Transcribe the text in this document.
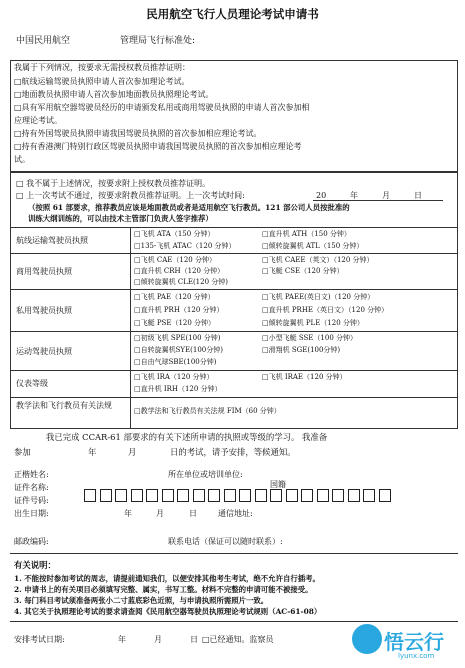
民用航空飞行人员理论考试申请书
中国民用航空	管理局飞行标准处:
我属于下列情况，按要求无需授权教员推荐证明：
□航线运输驾驶员执照申请人首次参加理论考试。
□地面教员执照申请人首次参加地面教员执照理论考试。
□具有军用航空器驾驶员经历的申请颁发私用或商用驾驶员执照的申请人首次参加相
应理论考试。
□持有外国驾驶员执照申请我国驾驶员执照的首次参加相应理论考试。
□持有香港澳门特别行政区驾驶员执照申请我国驾驶员执照的首次参加相应理论考
试。
□ 我不属于上述情况，按要求附上授权教员推荐证明。
□ 上一次考试不通过，按要求附教员推荐证明。上一次考试时间:	20	年	月	日
（按照 61 部要求，推荐教员应该是地面教员或者是适用航空飞行教员。121 部公司人员按批准的
训练大纲训练的，可以由技术主管部门负责人签字推荐）
航线运输驾驶员执照
□飞机 ATA（150 分钟）	□直升机 ATH（150 分钟）
□135-飞机 ATAC（120 分钟）	□倾转旋翼机 ATL（150 分钟）
商用驾驶员执照
□飞机 CAE（120 分钟）	□飞机 CAEE（英文）（120 分钟）
□直升机 CRH（120 分钟）	□飞艇 CSE（120 分钟）
□倾转旋翼机 CLE(120 分钟)
私用驾驶员执照
□飞机 PAE（120 分钟）	□飞机 PAEE(英日文)（120 分钟）
□直升机 PRH（120 分钟）	□直升机 PRHE（英日文）（120 分钟）
□飞艇 PSE（120 分钟）	□倾转旋翼机 PLE（120 分钟）
运动驾驶员执照
□初级飞机 SPE(100 分钟)	□小型飞艇 SSE（100 分钟）
□自转旋翼机SYE(100分钟)	□滑翔机 SGE(100分钟)
□自由气球SBE(100分钟)
仪表等级
□飞机 IRA（120 分钟）	□飞机 IRAE（120 分钟）
□直升机 IRH（120 分钟）
教学法和飞行教员有关法规
□教学法和飞行教员有关法规 FIM（60 分钟）
我已完成 CCAR-61 部要求的有关下述所申请的执照或等级的学习。 我准备
参加	年	月	日的考试，请予安排，等候通知。
正楷姓名:	所在单位或培训单位:
证件名称:	国籍
证件号码:
出生日期:	年	月	日	通信地址:
邮政编码:	联系电话（保证可以随时联系）:
有关说明：
1. 不能按时参加考试的周志，请提前通知我们，以便安排其他考生考试，绝不允许自行插考。
2. 申请书上的有关项目必须填写完整、属实，书写工整。材料不完整的申请可能不被接受。
3. 每门科目考试须准备两张小二寸蓝底彩色近照，与申请执照所需照片一致。
4. 其它关于执照理论考试的要求请查阅《民用航空器驾驶员执照理论考试规则（AC-61-08）
安排考试日期:	年	月	日 □已经通知。监察员	悟云行
lyunx.com
